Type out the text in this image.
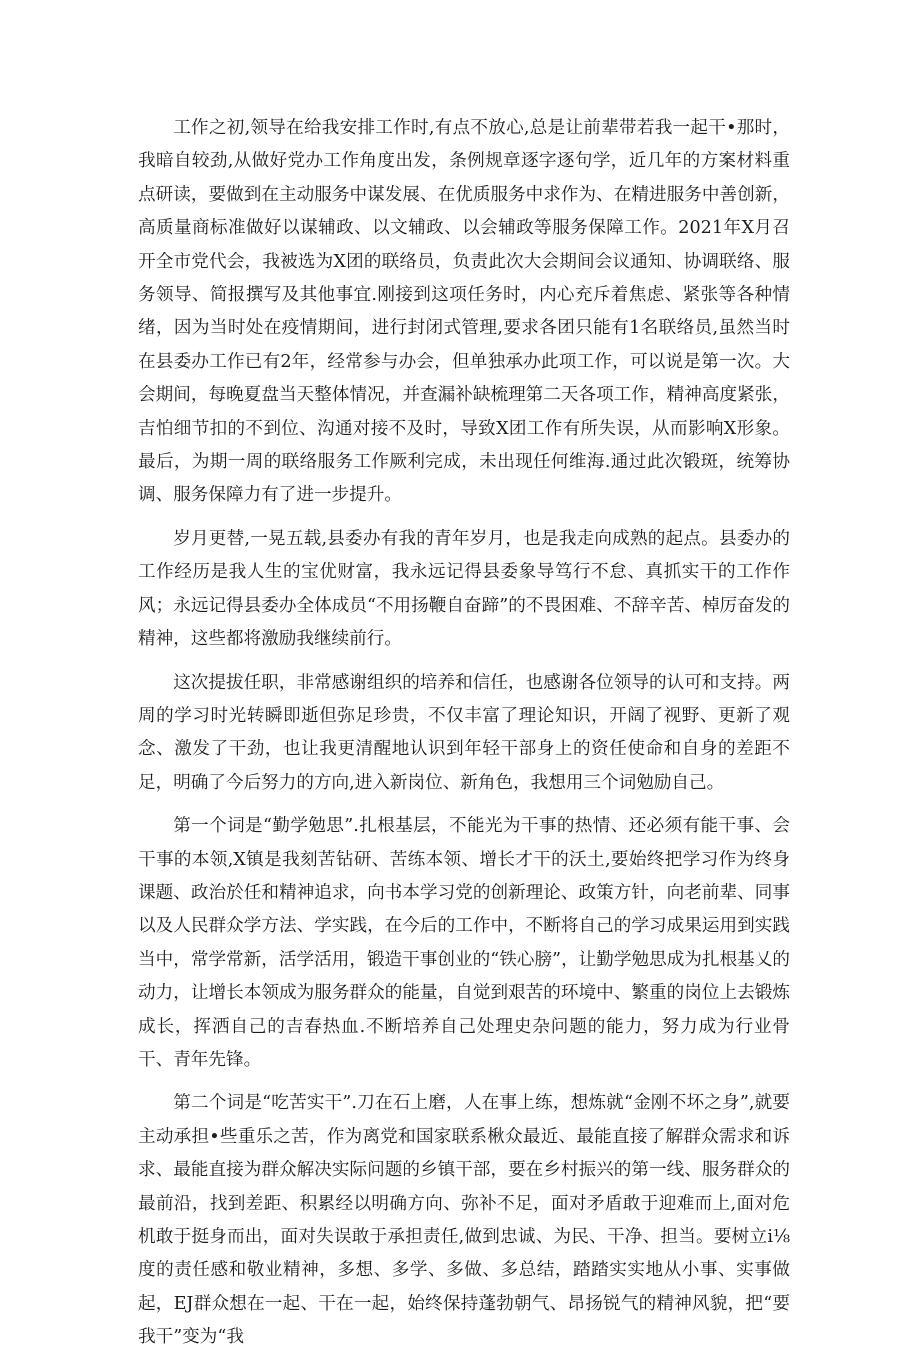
工作之初,领导在给我安排工作时,有点不放心,总是让前辈带若我一起干•那时，我暗自较劲,从做好党办工作角度出发，条例规章逐字逐句学，近几年的方案材料重点研读，要做到在主动服务中谋发展、在优质服务中求作为、在精进服务中善创新，高质量商标准做好以谋辅政、以文辅政、以会辅政等服务保障工作。2021年X月召开全市党代会，我被选为X团的联络员，负责此次大会期间会议通知、协调联络、服务领导、简报撰写及其他事宜.刚接到这项任务时，内心充斥着焦虑、紧张等各种情绪，因为当时处在疫情期间，进行封闭式管理,要求各团只能有1名联络员,虽然当时在县委办工作已有2年，经常参与办会，但单独承办此项工作，可以说是第一次。大会期间，每晚夏盘当天整体情况，并查漏补缺梳理第二天各项工作，精神高度紧张，吉怕细节扣的不到位、沟通对接不及时，导致X团工作有所失误，从而影响X形象。最后，为期一周的联络服务工作厥利完成，未出现任何维海.通过此次锻斑，统筹协调、服务保障力有了进一步提升。

岁月更替,一晃五载,县委办有我的青年岁月，也是我走向成熟的起点。县委办的工作经历是我人生的宝优财富，我永远记得县委象导笃行不怠、真抓实干的工作作风；永远记得县委办全体成员“不用扬鞭自奋蹄”的不畏困难、不辞辛苦、棹厉奋发的精神，这些都将激励我继续前行。

这次提拔任职，非常感谢组织的培养和信任，也感谢各位领导的认可和支持。两周的学习时光转瞬即逝但弥足珍贵，不仅丰富了理论知识，开阔了视野、更新了观念、激发了干劲，也让我更清醒地认识到年轻干部身上的资任使命和自身的差距不足，明确了今后努力的方向,进入新岗位、新角色，我想用三个词勉励自己。

第一个词是“勤学勉思”.扎根基层，不能光为干事的热情、还必须有能干事、会干事的本领,X镇是我刻苦钻研、苦练本领、增长才干的沃土,要始终把学习作为终身课题、政治於任和精神追求，向书本学习党的创新理论、政策方针，向老前辈、同事以及人民群众学方法、学实践，在今后的工作中，不断将自己的学习成果运用到实践当中，常学常新，活学活用，锻造干事创业的“铁心膀”，让勤学勉思成为扎根基乂的动力，让增长本领成为服务群众的能量，自觉到艰苦的环境中、繁重的岗位上去锻炼成长，挥洒自己的吉春热血.不断培养自己处理史杂问题的能力，努力成为行业骨干、青年先锋。

第二个词是“吃苦实干”.刀在石上磨，人在事上练，想炼就“金刚不坏之身”,就要主动承担•些重乐之苦，作为离党和国家联系楸众最近、最能直接了解群众需求和诉求、最能直接为群众解决实际问题的乡镇干部，要在乡村振兴的第一线、服务群众的最前沿，找到差距、积累经以明确方向、弥补不足，面对矛盾敢于迎难而上,面对危机敢于挺身而出，面对失误敢于承担责任,做到忠诚、为民、干净、担当。要树立i⅛度的责任感和敬业精神，多想、多学、多做、多总结，踏踏实实地从小事、实事做起，EJ群众想在一起、干在一起，始终保持蓬勃朝气、昂扬锐气的精神风貌，把“要我干”变为“我
